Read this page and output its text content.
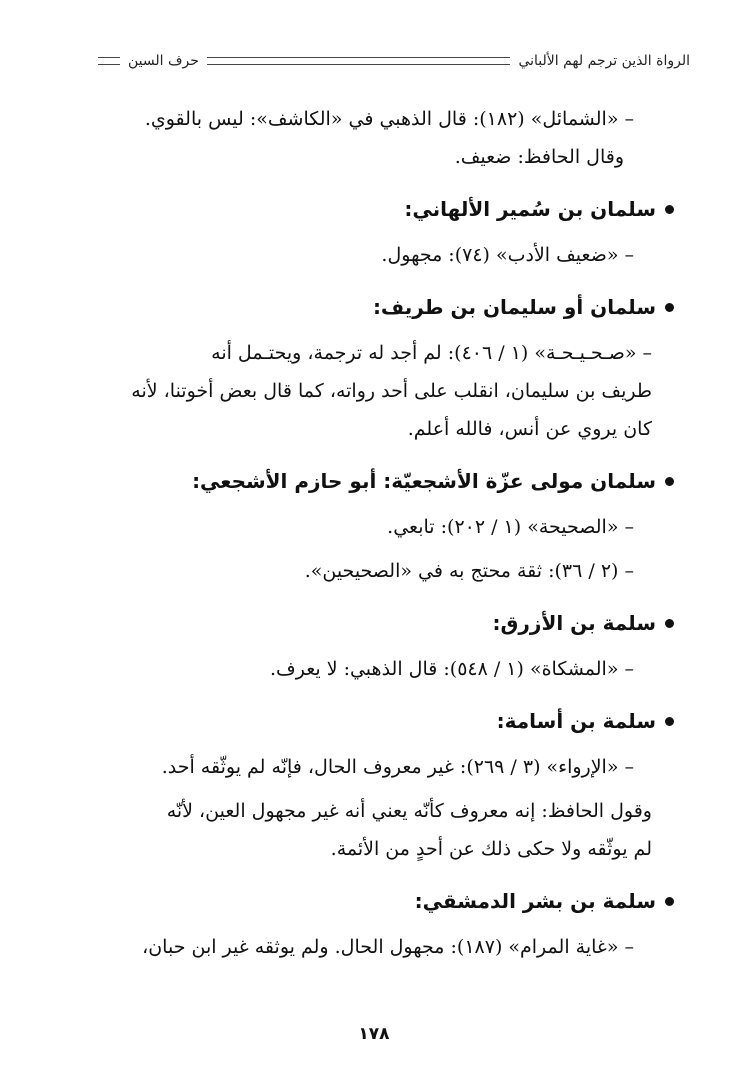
الرواة الذين ترجم لهم الألباني
حرف السين
– «الشمائل» (١٨٢): قال الذهبي في «الكاشف»: ليس بالقوي.
وقال الحافظ: ضعيف.
سلمان بن سُمير الألهاني:
– «ضعيف الأدب» (٧٤): مجهول.
سلمان أو سليمان بن طريف:
– «صـحـيـحـة» (١ / ٤٠٦): لم أجد له ترجمة، ويحتـمل أنه
طريف بن سليمان، انقلب على أحد رواته، كما قال بعض أخوتنا، لأنه
كان يروي عن أنس، فالله أعلم.
سلمان مولى عزّة الأشجعيّة: أبو حازم الأشجعي:
– «الصحيحة» (١ / ٢٠٢): تابعي.
– (٢ / ٣٦): ثقة محتج به في «الصحيحين».
سلمة بن الأزرق:
– «المشكاة» (١ / ٥٤٨): قال الذهبي: لا يعرف.
سلمة بن أسامة:
– «الإرواء» (٣ / ٢٦٩): غير معروف الحال، فإنّه لم يوثّقه أحد.
وقول الحافظ: إنه معروف كأنّه يعني أنه غير مجهول العين، لأنّه
لم يوثّقه ولا حكى ذلك عن أحدٍ من الأئمة.
سلمة بن بشر الدمشقي:
– «غاية المرام» (١٨٧): مجهول الحال. ولم يوثقه غير ابن حبان،
١٧٨
